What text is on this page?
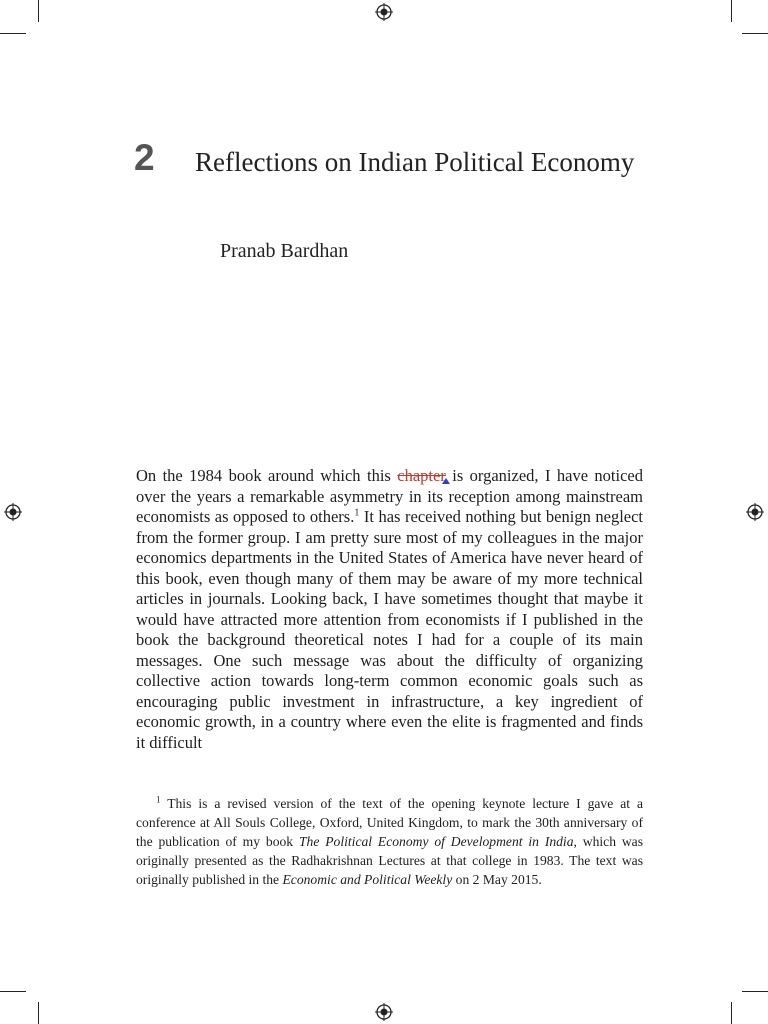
2 Reflections on Indian Political Economy
Pranab Bardhan

On the 1984 book around which this chapter is organized, I have noticed over the years a remarkable asymmetry in its reception among mainstream economists as opposed to others.$^1$ It has received nothing but benign neglect from the former group. I am pretty sure most of my colleagues in the major economics departments in the United States of America have never heard of this book, even though many of them may be aware of my more technical articles in journals. Looking back, I have sometimes thought that maybe it would have attracted more attention from economists if I published in the book the background theoretical notes I had for a couple of its main messages. One such message was about the difficulty of organizing collective action towards long-term common economic goals such as encouraging public investment in infrastructure, a key ingredient of economic growth, in a country where even the elite is fragmented and finds it difficult

$^1$ This is a revised version of the text of the opening keynote lecture I gave at a conference at All Souls College, Oxford, United Kingdom, to mark the 30th anniversary of the publication of my book The Political Economy of Development in India, which was originally presented as the Radhakrishnan Lectures at that college in 1983. The text was originally published in the Economic and Political Weekly on 2 May 2015.
